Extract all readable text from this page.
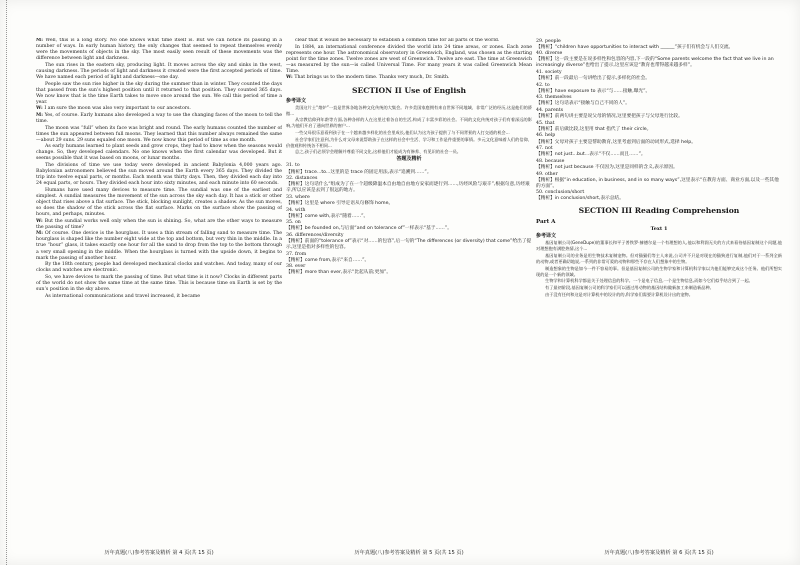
M: Well, this is a long story. No one knows what time itself is. But we can notice its passing in a number of ways. In early human history, the only changes that seemed to repeat themselves evenly were the movements of objects in the sky. The most easily seen result of these movements was the difference between light and darkness.

The sun rises in the eastern sky, producing light. It moves across the sky and sinks in the west, causing darkness. The periods of light and darkness it created were the first accepted periods of time. We have named each period of light and darkness—one day.

People saw the sun rise higher in the sky during the summer than in winter. They counted the days that passed from the sun’s highest position until it returned to that position. They counted 365 days. We now know that is the time Earth takes to move once around the sun. We call this period of time a year.

W: I am sure the moon was also very important to our ancestors.

M: Yes, of course. Early humans also developed a way to use the changing faces of the moon to tell the time.

The moon was “full” when its face was bright and round. The early humans counted the number of times the sun appeared between full moons. They learned that this number always remained the same—about 29 suns. 29 suns equaled one moon. We now know this period of time as one month.

As early humans learned to plant seeds and grow crops, they had to know when the seasons would change. So, they developed calendars. No one knows when the first calendar was developed. But it seems possible that it was based on moons, or lunar months.

The divisions of time we use today were developed in ancient Babylonia 4,000 years ago. Babylonian astronomers believed the sun moved around the Earth every 365 days. They divided the trip into twelve equal parts, or months. Each month was thirty days. Then, they divided each day into 24 equal parts, or hours. They divided each hour into sixty minutes, and each minute into 60 seconds.

Humans have used many devices to measure time. The sundial was one of the earliest and simplest. A sundial measures the movement of the sun across the sky each day. It has a stick or other object that rises above a flat surface. The stick, blocking sunlight, creates a shadow. As the sun moves, so does the shadow of the stick across the flat surface. Marks on the surface show the passing of hours, and perhaps, minutes.

W: But the sundial works well only when the sun is shining. So, what are the other ways to measure the passing of time?

M: Of course. One device is the hourglass. It uses a thin stream of falling sand to measure time. The hourglass is shaped like the number eight wide at the top and bottom, but very thin in the middle. In a true “hour” glass, it takes exactly one hour for all the sand to drop from the top to the bottom through a very small opening in the middle. When the hourglass is turned with the upside down, it begins to mark the passing of another hour.

By the 18th century, people had developed mechanical clocks and watches. And today, many of our clocks and watches are electronic.

So, we have devices to mark the passing of time. But what time is it now? Clocks in different parts of the world do not show the same time at the same time. This is because time on Earth is set by the sun’s position in the sky above.

As international communications and travel increased, it became

clear that it would be necessary to establish a common time for all parts of the world.

In 1884, an international conference divided the world into 24 time areas, or zones. Each zone represents one hour. The astronomical observatory in Greenwich, England, was chosen as the starting point for the time zones. Twelve zones are west of Greenwich. Twelve are east. The time at Greenwich—as measured by the sun—is called Universal Time. For many years it was called Greenwich Mean Time.

W: That brings us to the modern time. Thanks very much, Dr. Smith.

SECTION II Use of English
参考译文

美国这片土“熔炉”一直是世界各地各种文化传统的大集会。许多美国家庭拥有来自世界不同地域、非常广泛的经历,这是他们的骄傲...

从宗教信仰到年龄等方面,各种各样的人在这里过着各自的生活,构成了丰富多彩的社会。不同的文化传统对孩子们有着深远的影响,为他们开启了通向世界的窗户...

一些父母很乐意看到孩子在一个越来越多样化的社会里成长,他们认为这为孩子提供了与不同背景的人打交道的机会...

社会学家们注意到,为什么对父母来说帮助孩子在这样的社会中生活、学习和工作是件重要的事情。多元文化意味着人们的信仰、价值观和传统各不相同...

总之,孩子们必须学会理解并尊重不同文化,这样他们才能成为有修养、有见识的社会一员。

答题及精析
31. to
【精析】trace...to...这里的是 trace 的固定用法,表示“追溯到……”。
32. distances
【精析】这句话什么“组成为了在一个超级降温本自由地自由地方安家而逐行到……,历经风险与艰辛”,根据句意,历经艰辛,所以应该是去到了很远的地方。
33. where
【精析】这里是 where 引导定语从句修饰 home。
34. with
【精析】come with,表示“随着……”。
35. on
【精析】be founded on,与后面“and on tolerance of”一样表示“基于……”。
36. differences/diversity
【精析】前面的“tolerance of”表示“对……的包容”,后一句的“The differences (or diversity) that come”给出了提示,这里是指对多样性的包容。
37. from
【精析】come from,表示“来自……”。
38. ever
【精析】more than ever,表示“比起从前;更加”。
29. people
【精析】“children have opportunities to interact with ______”孩子们有机会与人们交流。
40. diverse
【精析】这一段主要是在说多样性和包容的内容,下一段的“Some parents welcome the fact that we live in an increasingly diverse”也给出了提示,这里应该是“教育也带得越来越多样”。
41. society
【精析】前一段最后一句讲给出了提示,多样化的社会。
42. to
【精析】have exposure to 表示“与……接触,曝光”。
43. themselves
【精析】这句话表示“接触与自己不同的人”。
44. parents
【精析】前两句讲主要是说父母的情况,这里要把孩子与父母进行比较。
45. that
【精析】前后做比较,这里用 that 指代了 their circle。
46. help
【精析】父母对孩子主要是帮助教育,这里考虑到后面的动词形式,选择 help。
47. not
【精析】not just...but...表示“不仅……而且……”。
48. because
【精析】not just because 不仅因为,这里是同样的含义,表示原因。
49. other
【精析】根据“in education, in business, and in so many ways”,这里表示“在教育方面、商业方面,以及一些其他的方面”。
50. conclusion/short
【精析】in conclusion/short,表示总结。
SECTION III Reading Comprehension
Part A
Text 1
参考译文

基因复制公司(GeneDupe)的董事长和平子普铁罗·赫德尔是一个有理想的人,他以和利润无关的方式来看待基因复制这个问题,他对理想抱有满腔热情,这个...

基因复制公司的业务是用生物技术复制宠物。但对猫猫们等主人来说,公司并不只是对现在的猫狗进行复制,他们对于一系列全新的动物,或者更确切地说,一系列的非常可爱的动物和那些不存在人们想象中的生物。

制造想象的生物是如今一件不容易的事。但是基因复制公司的生物学家和计算机科学家以为他们能够完成这个任务。他们所想实现的是一个新的领域。

生物学和计算机科学都是关于处理信息的科学。一个是电子信息,一个是生物信息,而如今它们似乎结合到了一起。

有了最初阶段,基因复制公司的科学家们可以通过用动物的基因结构做新加工来制造新品种。

由于没有任何和这是对计算机中的设计的的,科学家们需要计算机设计出的宠物。

历年真题(八)参考答案及精析 第 4 页(共 15 页)	历年真题(八)参考答案及精析 第 5 页(共 15 页)	历年真题(八)参考答案及精析 第 6 页(共 15 页)
